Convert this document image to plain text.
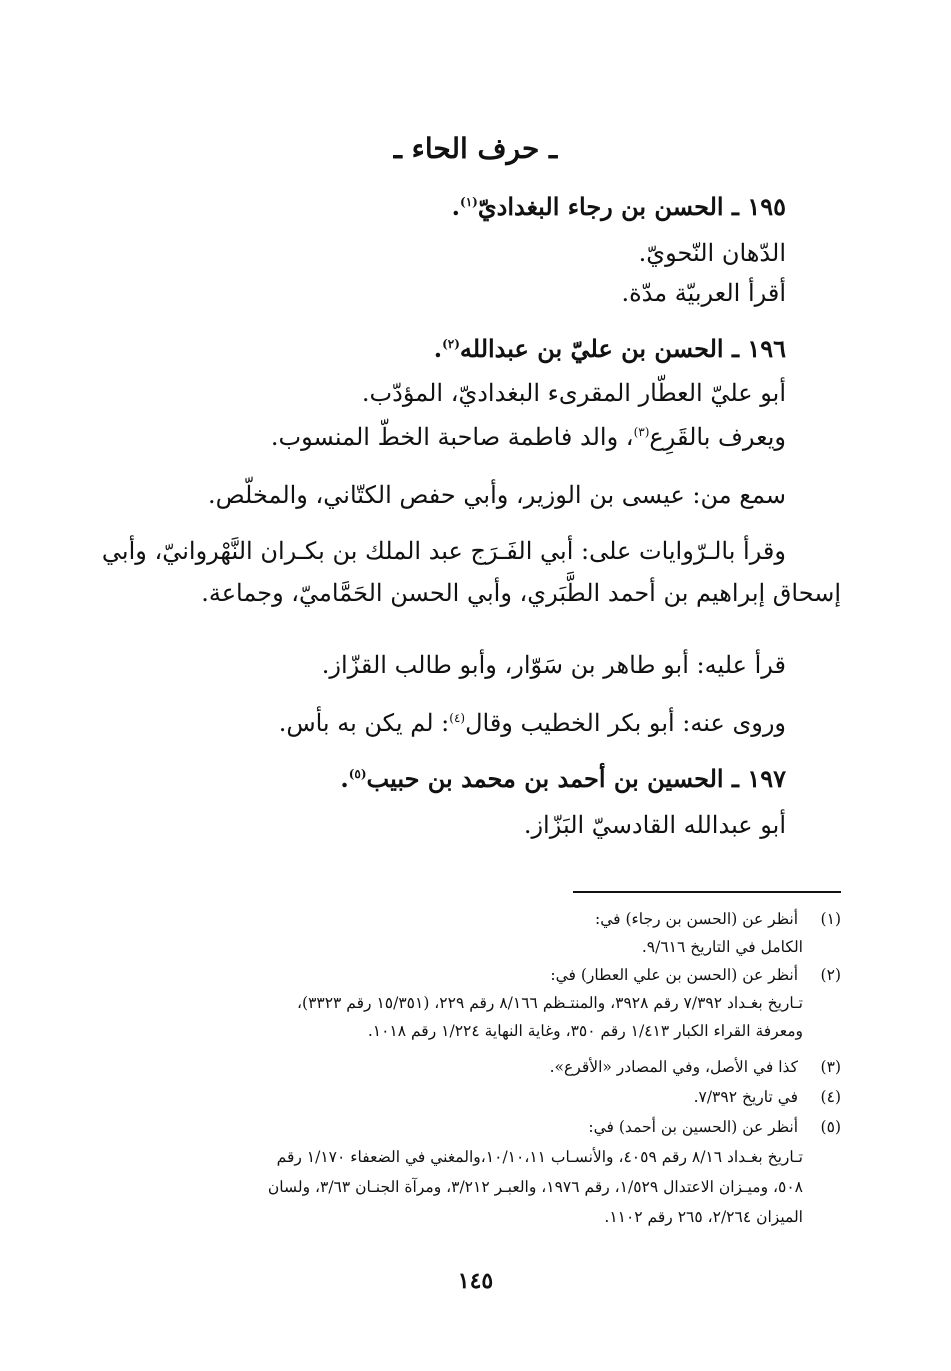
ـ حرف الحاء ـ
١٩٥ ـ الحسن بن رجاء البغداديّ$^{(١)}$.
الدّهان النّحويّ.
أقرأ العربيّة مدّة.
١٩٦ ـ الحسن بن عليّ بن عبدالله$^{(٢)}$.
أبو عليّ العطّار المقرىء البغداديّ، المؤدّب.
ويعرف بالقَرِع$^{(٣)}$، والد فاطمة صاحبة الخطّ المنسوب.
سمع من: عيسى بن الوزير، وأبي حفص الكتّاني، والمخلّص.
وقرأ بالـرّوايات على: أبي الفَـرَج عبد الملك بن بكـران النَّهْروانيّ، وأبي
إسحاق إبراهيم بن أحمد الطَّبَري، وأبي الحسن الحَمَّاميّ، وجماعة.
قرأ عليه: أبو طاهر بن سَوّار، وأبو طالب القزّاز.
وروى عنه: أبو بكر الخطيب وقال$^{(٤)}$: لم يكن به بأس.
١٩٧ ـ الحسين بن أحمد بن محمد بن حبيب$^{(٥)}$.
أبو عبدالله القادسيّ البَزّاز.
(١) أنظر عن (الحسن بن رجاء) في:
الكامل في التاريخ ٩/٦١٦.
(٢) أنظر عن (الحسن بن علي العطار) في:
تـاريخ بغـداد ٧/٣٩٢ رقم ٣٩٢٨، والمنتـظم ٨/١٦٦ رقم ٢٢٩، (١٥/٣٥١ رقم ٣٣٢٣)،
ومعرفة القراء الكبار ١/٤١٣ رقم ٣٥٠، وغاية النهاية ١/٢٢٤ رقم ١٠١٨.
(٣) كذا في الأصل، وفي المصادر «الأقرع».
(٤) في تاريخ ٧/٣٩٢.
(٥) أنظر عن (الحسين بن أحمد) في:
تـاريخ بغـداد ٨/١٦ رقم ٤٠٥٩، والأنسـاب ١٠/١٠،١١،والمغني في الضعفاء ١/١٧٠ رقم
٥٠٨، وميـزان الاعتدال ١/٥٢٩، رقم ١٩٧٦، والعبـر ٣/٢١٢، ومرآة الجنـان ٣/٦٣، ولسان
الميزان ٢/٢٦٤، ٢٦٥ رقم ١١٠٢.
١٤٥
